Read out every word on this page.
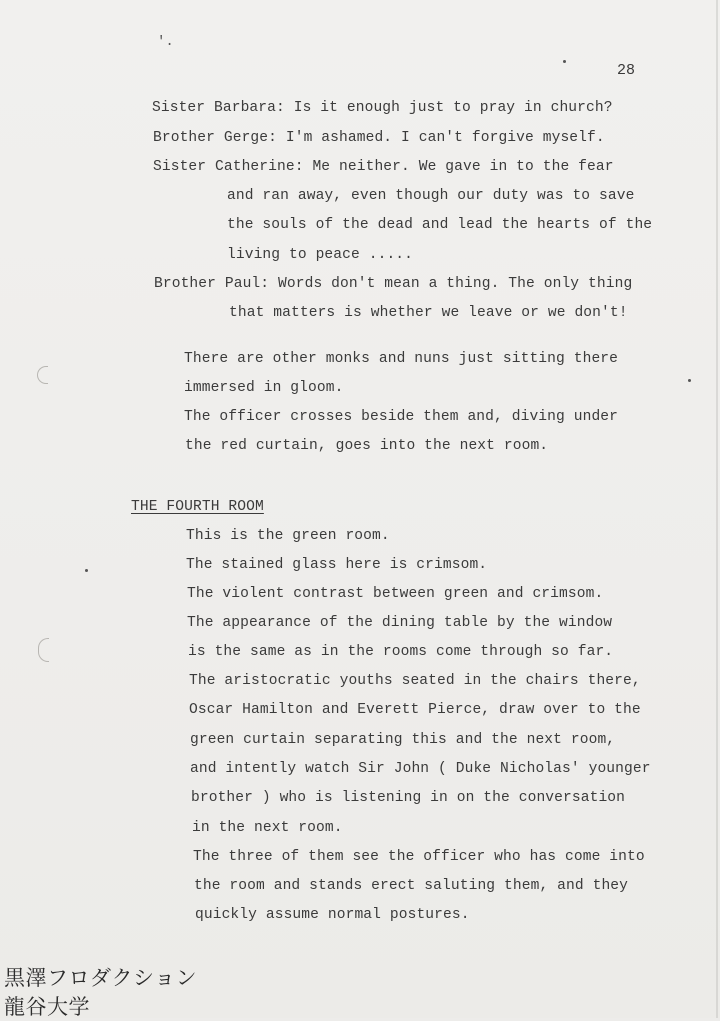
'.
28
Sister Barbara: Is it enough just to pray in church?
Brother Gerge: I'm ashamed. I can't forgive myself.
Sister Catherine: Me neither. We gave in to the fear
and ran away, even though our duty was to save
the souls of the dead and lead the hearts of the
living to peace .....
Brother Paul: Words don't mean a thing. The only thing
that matters is whether we leave or we don't!
There are other monks and nuns just sitting there
immersed in gloom.
The officer crosses beside them and, diving under
the red curtain, goes into the next room.
THE FOURTH ROOM
This is the green room.
The stained glass here is crimsom.
The violent contrast between green and crimsom.
The appearance of the dining table by the window
is the same as in the rooms come through so far.
The aristocratic youths seated in the chairs there,
Oscar Hamilton and Everett Pierce, draw over to the
green curtain separating this and the next room,
and intently watch Sir John ( Duke Nicholas' younger
brother ) who is listening in on the conversation
in the next room.
The three of them see the officer who has come into
the room and stands erect saluting them, and they
quickly assume normal postures.
黒澤フロダクション
龍谷大学
